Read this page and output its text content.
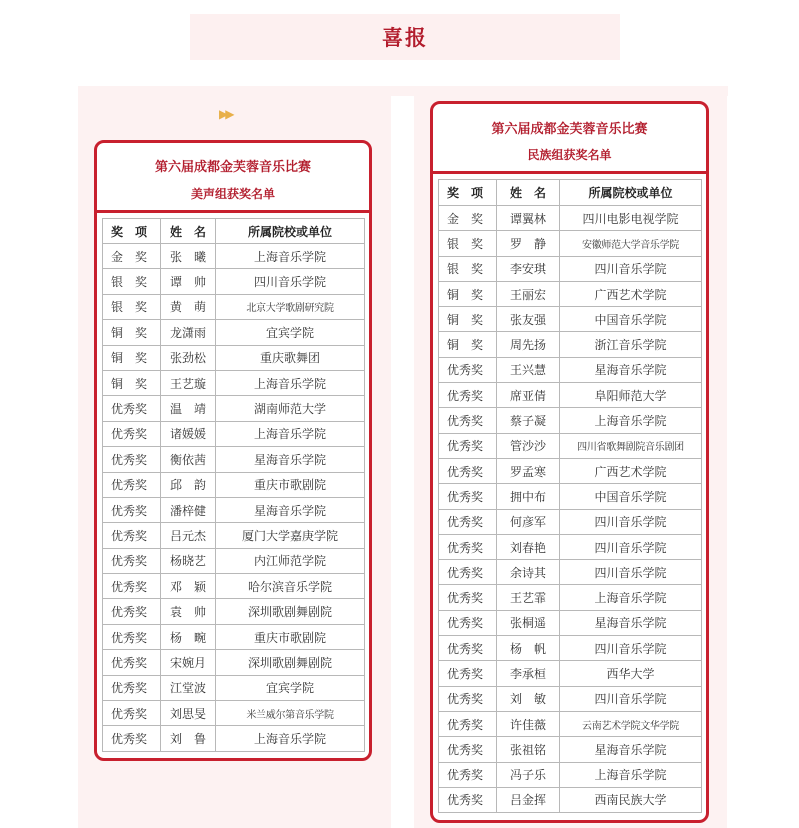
喜报
▶▶
第六届成都金芙蓉音乐比赛
美声组获奖名单
奖　项	姓　名	所属院校或单位
金　奖	张　曦	上海音乐学院
银　奖	谭　帅	四川音乐学院
银　奖	黄　萌	北京大学歌剧研究院
铜　奖	龙潇雨	宜宾学院
铜　奖	张劲松	重庆歌舞团
铜　奖	王艺璇	上海音乐学院
优秀奖	温　靖	湖南师范大学
优秀奖	诸媛媛	上海音乐学院
优秀奖	衡依茜	星海音乐学院
优秀奖	邱　韵	重庆市歌剧院
优秀奖	潘梓健	星海音乐学院
优秀奖	吕元杰	厦门大学嘉庚学院
优秀奖	杨晓艺	内江师范学院
优秀奖	邓　颖	哈尔滨音乐学院
优秀奖	袁　帅	深圳歌剧舞剧院
优秀奖	杨　畹	重庆市歌剧院
优秀奖	宋婉月	深圳歌剧舞剧院
优秀奖	江堂波	宜宾学院
优秀奖	刘思旻	米兰威尔第音乐学院
优秀奖	刘　鲁	上海音乐学院
第六届成都金芙蓉音乐比赛
民族组获奖名单
奖　项	姓　名	所属院校或单位
金　奖	谭翼林	四川电影电视学院
银　奖	罗　静	安徽师范大学音乐学院
银　奖	李安琪	四川音乐学院
铜　奖	王丽宏	广西艺术学院
铜　奖	张友强	中国音乐学院
铜　奖	周先扬	浙江音乐学院
优秀奖	王兴慧	星海音乐学院
优秀奖	席亚倩	阜阳师范大学
优秀奖	蔡子凝	上海音乐学院
优秀奖	管沙沙	四川省歌舞剧院音乐剧团
优秀奖	罗孟寒	广西艺术学院
优秀奖	拥中布	中国音乐学院
优秀奖	何彦军	四川音乐学院
优秀奖	刘春艳	四川音乐学院
优秀奖	余诗其	四川音乐学院
优秀奖	王艺霏	上海音乐学院
优秀奖	张桐遥	星海音乐学院
优秀奖	杨　帆	四川音乐学院
优秀奖	李承桓	西华大学
优秀奖	刘　敏	四川音乐学院
优秀奖	许佳薇	云南艺术学院文华学院
优秀奖	张祖铭	星海音乐学院
优秀奖	冯子乐	上海音乐学院
优秀奖	吕金挥	西南民族大学
